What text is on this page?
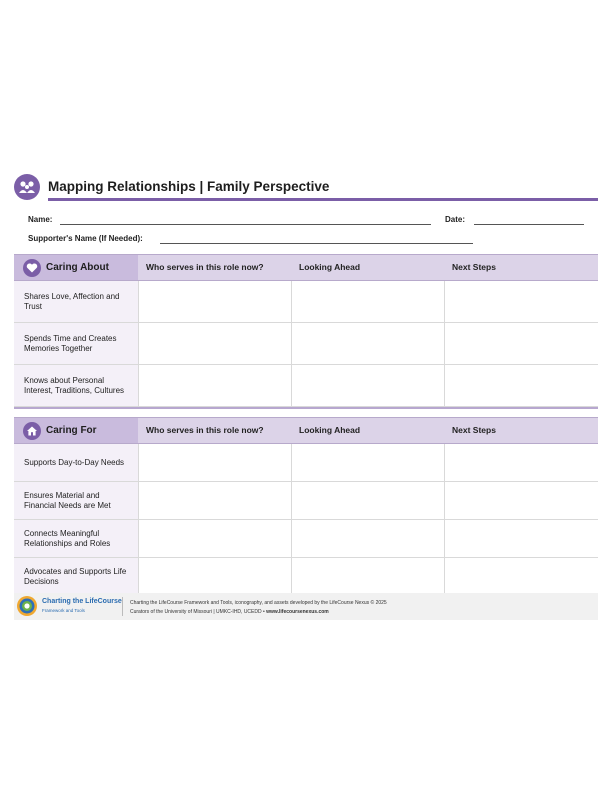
Mapping Relationships | Family Perspective
Name:	Date:
Supporter's Name (If Needed):
Caring About	Who serves in this role now?	Looking Ahead	Next Steps
Shares Love, Affection and Trust
Spends Time and Creates Memories Together
Knows about Personal Interest, Traditions, Cultures
Caring For	Who serves in this role now?	Looking Ahead	Next Steps
Supports Day-to-Day Needs
Ensures Material and Financial Needs are Met
Connects Meaningful Relationships and Roles
Advocates and Supports Life Decisions
Charting the LifeCourse
Framework and Tools
Charting the LifeCourse Framework and Tools, iconography, and assets developed by the LifeCourse Nexus © 2025
Curators of the University of Missouri | UMKC-IHD, UCEDD • www.lifecoursenexus.com
